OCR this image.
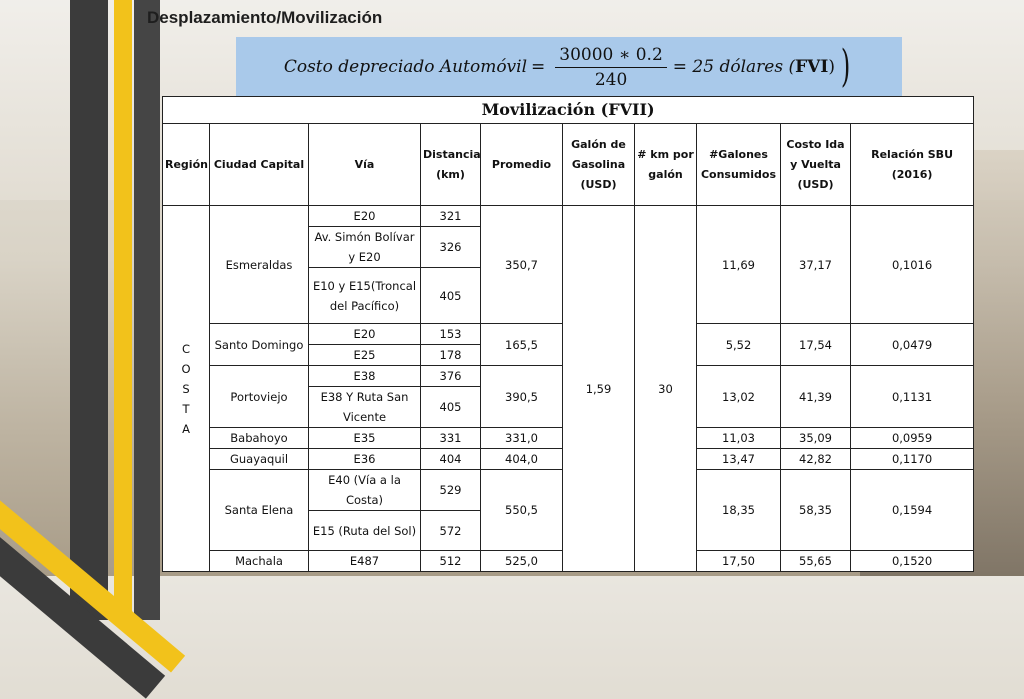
Desplazamiento/Movilización
Costo depreciado Automóvil = $\frac{30000 ∗ 0.2}{240} = 25$ dólares ( FVI ) )
Movilización (FVII)									
Región	Ciudad Capital	Vía	Distancia (km)	Promedio	Galón de Gasolina (USD)	# km por galón	#Galones Consumidos	Costo Ida y Vuelta (USD)	Relación SBU (2016)

C
O
S
T
A	Esmeraldas	E20	321	350,7	1,59	30	11,69	37,17	0,1016
		Av. Simón Bolívar y E20	326						
		E10 y E15(Troncal del Pacífico)	405						
	Santo Domingo	E20	153	165,5			5,52	17,54	0,0479
		E25	178						
	Portoviejo	E38	376	390,5			13,02	41,39	0,1131
		E38 Y Ruta San Vicente	405						
	Babahoyo	E35	331	331,0			11,03	35,09	0,0959
	Guayaquil	E36	404	404,0			13,47	42,82	0,1170
	Santa Elena	E40 (Vía a la Costa)	529	550,5			18,35	58,35	0,1594
		E15 (Ruta del Sol)	572						
	Machala	E487	512	525,0			17,50	55,65	0,1520
